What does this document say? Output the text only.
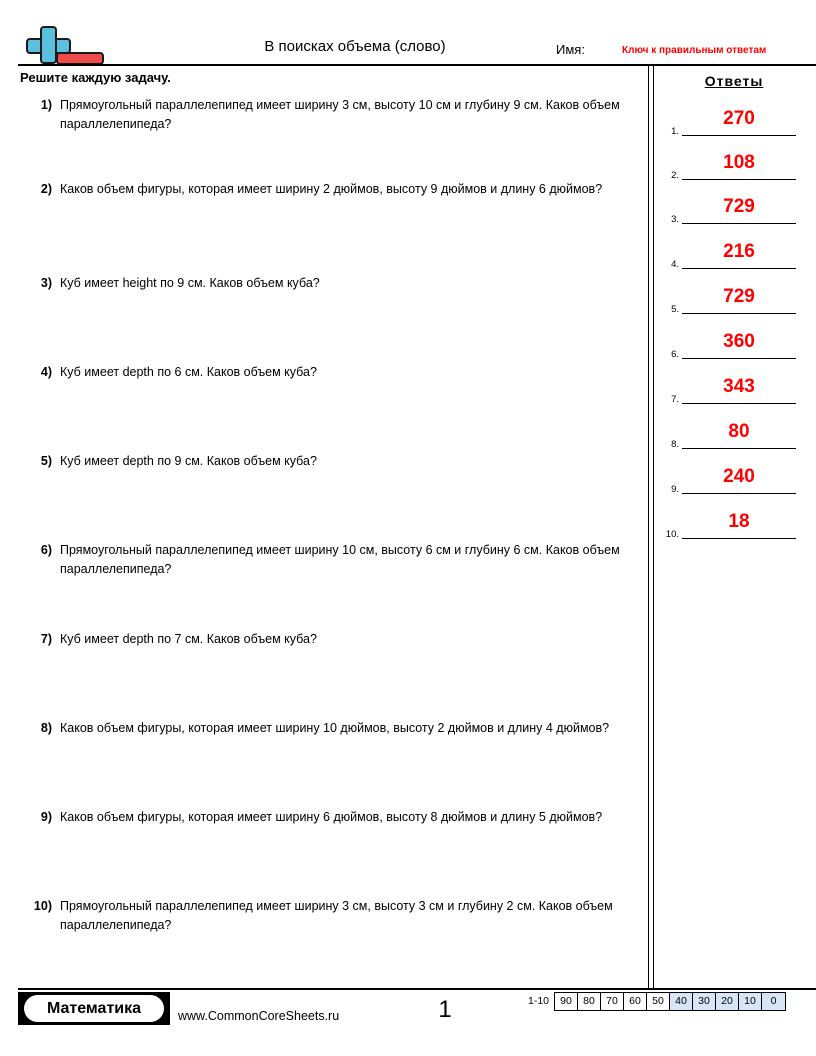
В поисках объема (слово)	Имя:	Ключ к правильным ответам
Решите каждую задачу.
1) Прямоугольный параллелепипед имеет ширину 3 см, высоту 10 см и глубину 9 см. Каков объем параллелепипеда?
2) Каков объем фигуры, которая имеет ширину 2 дюймов, высоту 9 дюймов и длину 6 дюймов?
3) Куб имеет height по 9 см. Каков объем куба?
4) Куб имеет depth по 6 см. Каков объем куба?
5) Куб имеет depth по 9 см. Каков объем куба?
6) Прямоугольный параллелепипед имеет ширину 10 см, высоту 6 см и глубину 6 см. Каков объем параллелепипеда?
7) Куб имеет depth по 7 см. Каков объем куба?
8) Каков объем фигуры, которая имеет ширину 10 дюймов, высоту 2 дюймов и длину 4 дюймов?
9) Каков объем фигуры, которая имеет ширину 6 дюймов, высоту 8 дюймов и длину 5 дюймов?
10) Прямоугольный параллелепипед имеет ширину 3 см, высоту 3 см и глубину 2 см. Каков объем параллелепипеда?
Ответы
1.
270
2.
108
3.
729
4.
216
5.
729
6.
360
7.
343
8.
80
9.
240
10.
18
Математика	www.CommonCoreSheets.ru	1	1-10	90	80	70	60	50	40	30	20	10	0
